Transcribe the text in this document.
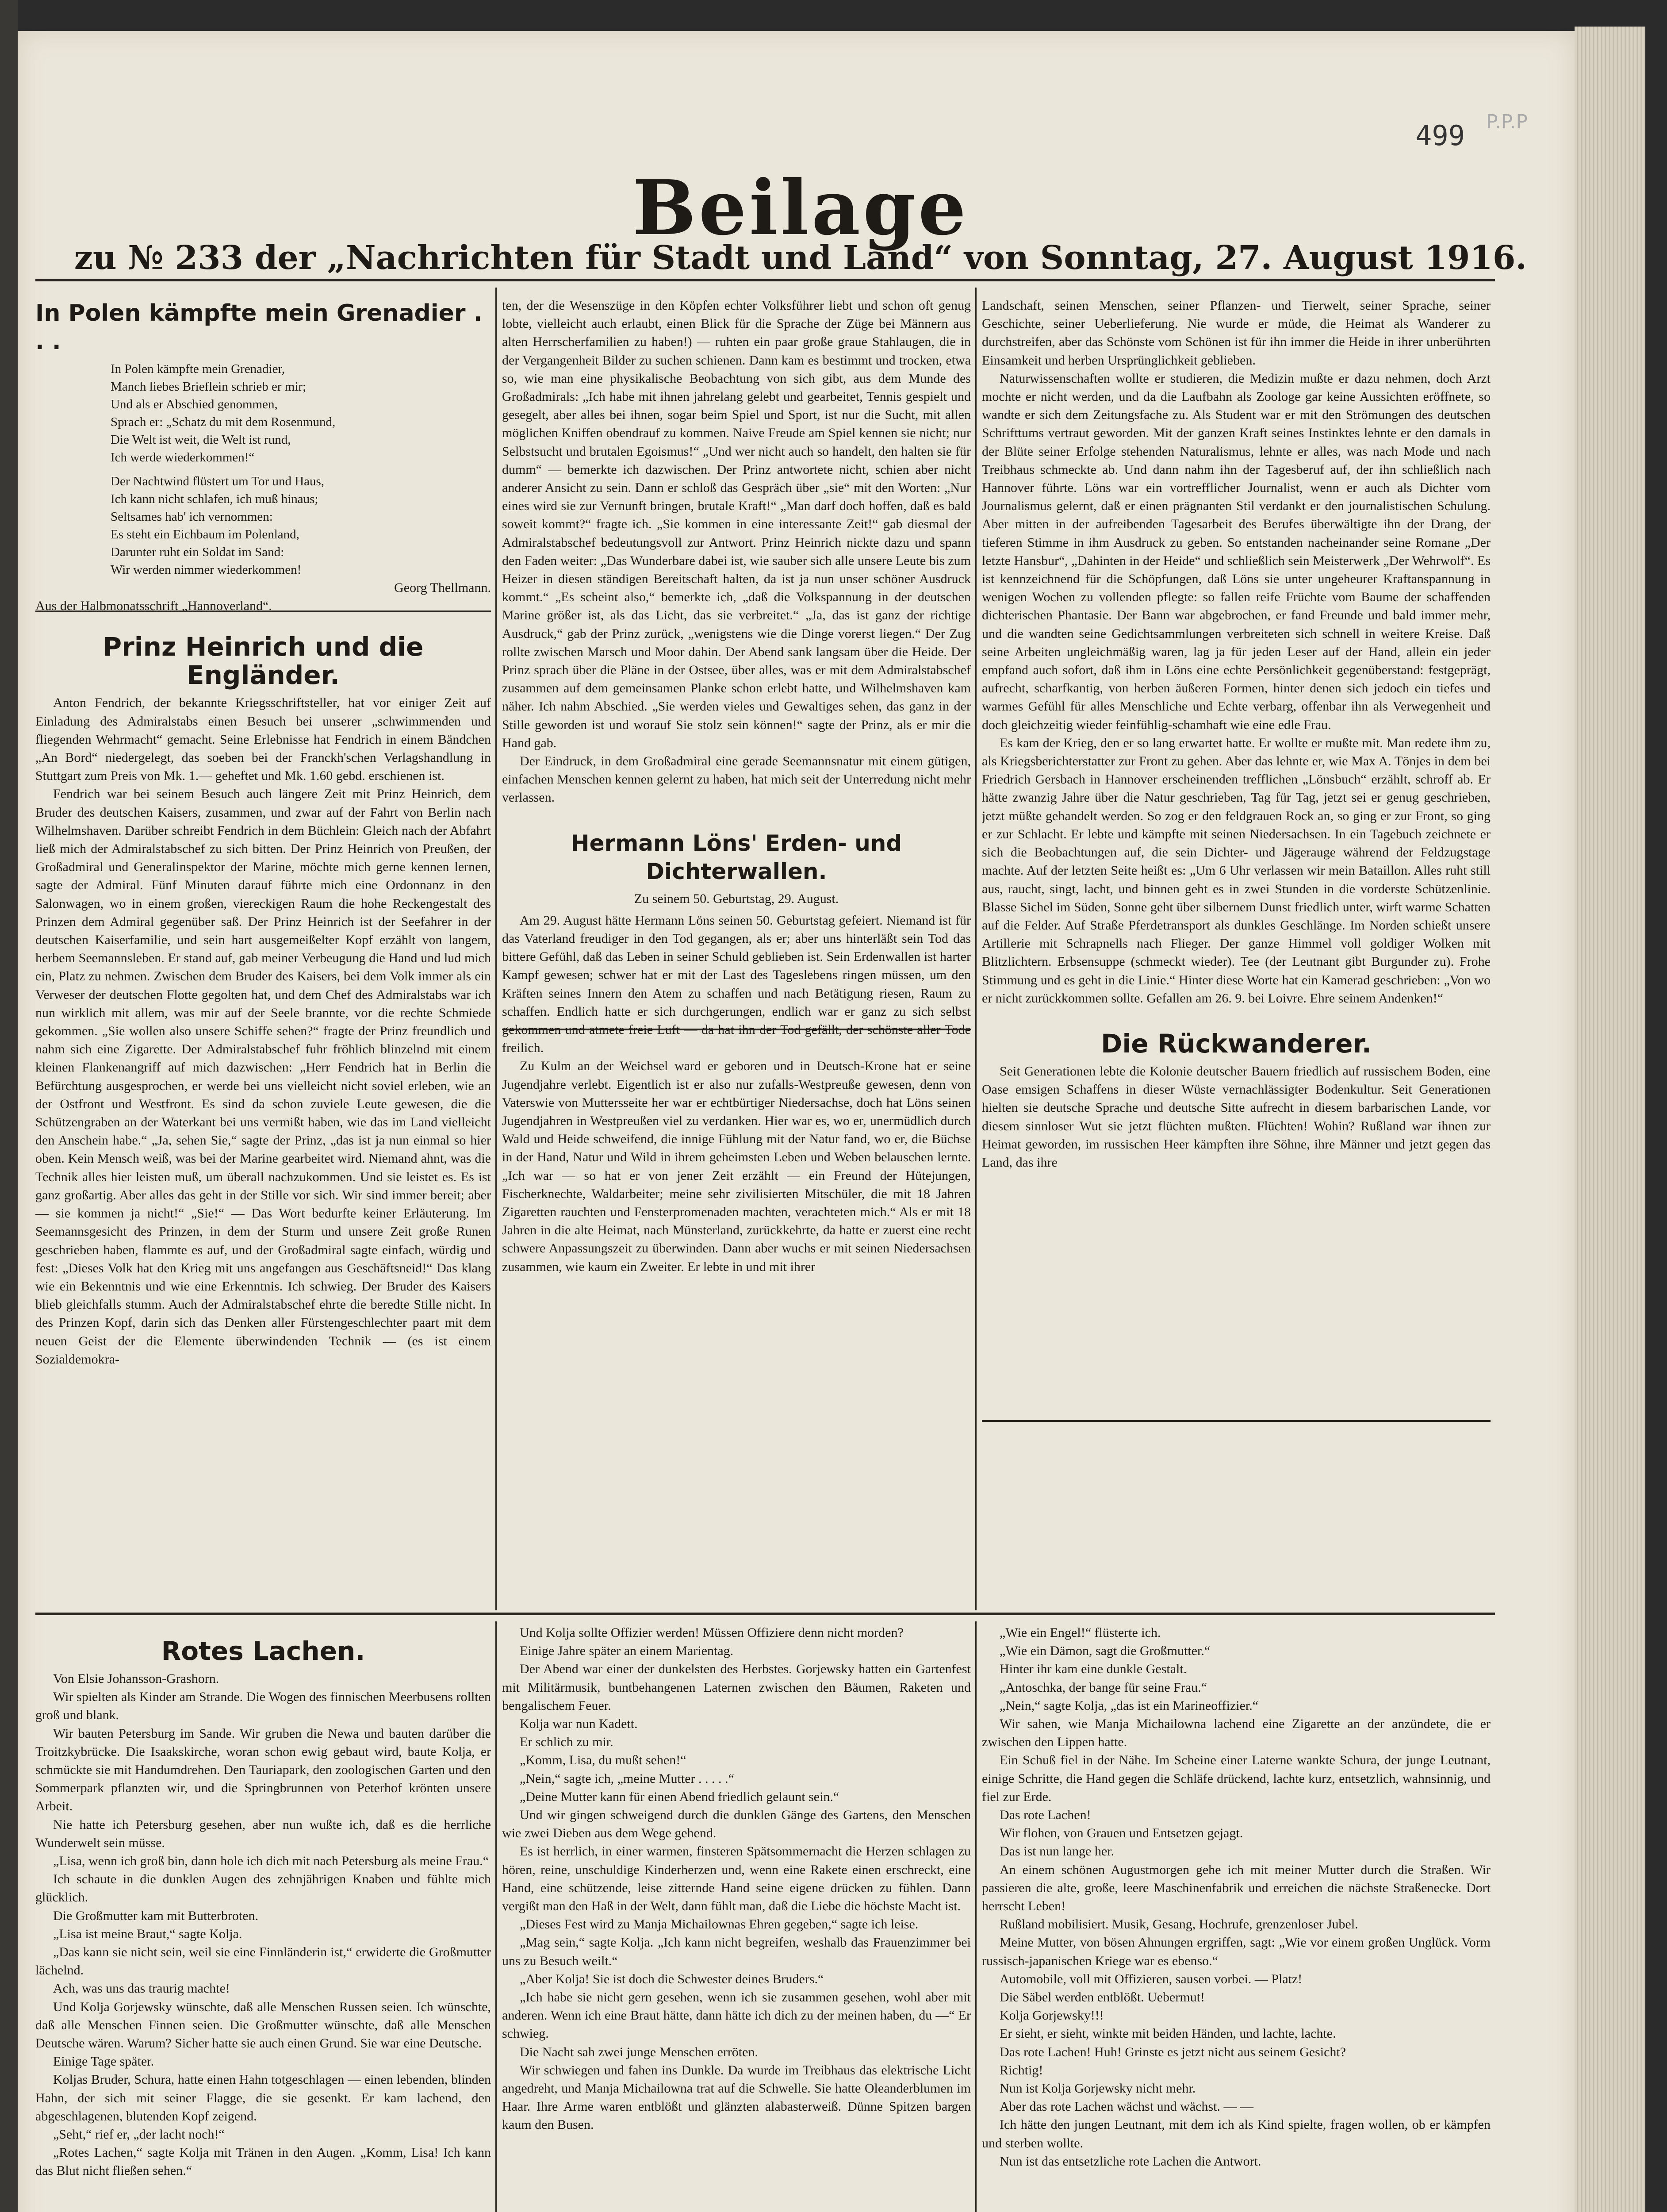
499 P.P.P
Beilage
zu № 233 der „Nachrichten für Stadt und Land“ von Sonntag, 27. August 1916.
In Polen kämpfte mein Grenadier . . .

In Polen kämpfte mein Grenadier,
Manch liebes Brieflein schrieb er mir;
Und als er Abschied genommen,
Sprach er: „Schatz du mit dem Rosenmund,
Die Welt ist weit, die Welt ist rund,
Ich werde wiederkommen!“

Der Nachtwind flüstert um Tor und Haus,
Ich kann nicht schlafen, ich muß hinaus;
Seltsames hab' ich vernommen:
Es steht ein Eichbaum im Polenland,
Darunter ruht ein Soldat im Sand:
Wir werden nimmer wiederkommen!

Georg Thellmann.

Aus der Halbmonatsschrift „Hannoverland“.

Prinz Heinrich und die Engländer.

Anton Fendrich, der bekannte Kriegsschriftsteller, hat vor einiger Zeit auf Einladung des Admiralstabs einen Besuch bei unserer „schwimmenden und fliegenden Wehrmacht“ gemacht. Seine Erlebnisse hat Fendrich in einem Bändchen „An Bord“ niedergelegt, das soeben bei der Franckh'schen Verlagshandlung in Stuttgart zum Preis von Mk. 1.— geheftet und Mk. 1.60 gebd. erschienen ist.

Fendrich war bei seinem Besuch auch längere Zeit mit Prinz Heinrich, dem Bruder des deutschen Kaisers, zusammen, und zwar auf der Fahrt von Berlin nach Wilhelmshaven. Darüber schreibt Fendrich in dem Büchlein: Gleich nach der Abfahrt ließ mich der Admiralstabschef zu sich bitten. Der Prinz Heinrich von Preußen, der Großadmiral und Generalinspektor der Marine, möchte mich gerne kennen lernen, sagte der Admiral. Fünf Minuten darauf führte mich eine Ordonnanz in den Salonwagen, wo in einem großen, viereckigen Raum die hohe Reckengestalt des Prinzen dem Admiral gegenüber saß. Der Prinz Heinrich ist der Seefahrer in der deutschen Kaiserfamilie, und sein hart ausgemeißelter Kopf erzählt von langem, herbem Seemannsleben. Er stand auf, gab meiner Verbeugung die Hand und lud mich ein, Platz zu nehmen. Zwischen dem Bruder des Kaisers, bei dem Volk immer als ein Verweser der deutschen Flotte gegolten hat, und dem Chef des Admiralstabs war ich nun wirklich mit allem, was mir auf der Seele brannte, vor die rechte Schmiede gekommen. „Sie wollen also unsere Schiffe sehen?“ fragte der Prinz freundlich und nahm sich eine Zigarette. Der Admiralstabschef fuhr fröhlich blinzelnd mit einem kleinen Flankenangriff auf mich dazwischen: „Herr Fendrich hat in Berlin die Befürchtung ausgesprochen, er werde bei uns vielleicht nicht soviel erleben, wie an der Ostfront und Westfront. Es sind da schon zuviele Leute gewesen, die die Schützengraben an der Waterkant bei uns vermißt haben, wie das im Land vielleicht den Anschein habe.“ „Ja, sehen Sie,“ sagte der Prinz, „das ist ja nun einmal so hier oben. Kein Mensch weiß, was bei der Marine gearbeitet wird. Niemand ahnt, was die Technik alles hier leisten muß, um überall nachzukommen. Und sie leistet es. Es ist ganz großartig. Aber alles das geht in der Stille vor sich. Wir sind immer bereit; aber — sie kommen ja nicht!“ „Sie!“ — Das Wort bedurfte keiner Erläuterung. Im Seemannsgesicht des Prinzen, in dem der Sturm und unsere Zeit große Runen geschrieben haben, flammte es auf, und der Großadmiral sagte einfach, würdig und fest: „Dieses Volk hat den Krieg mit uns angefangen aus Geschäftsneid!“ Das klang wie ein Bekenntnis und wie eine Erkenntnis. Ich schwieg. Der Bruder des Kaisers blieb gleichfalls stumm. Auch der Admiralstabschef ehrte die beredte Stille nicht. In des Prinzen Kopf, darin sich das Denken aller Fürstengeschlechter paart mit dem neuen Geist der die Elemente überwindenden Technik — (es ist einem Sozialdemokra-

ten, der die Wesenszüge in den Köpfen echter Volksführer liebt und schon oft genug lobte, vielleicht auch erlaubt, einen Blick für die Sprache der Züge bei Männern aus alten Herrscherfamilien zu haben!) — ruhten ein paar große graue Stahlaugen, die in der Vergangenheit Bilder zu suchen schienen. Dann kam es bestimmt und trocken, etwa so, wie man eine physikalische Beobachtung von sich gibt, aus dem Munde des Großadmirals: „Ich habe mit ihnen jahrelang gelebt und gearbeitet, Tennis gespielt und gesegelt, aber alles bei ihnen, sogar beim Spiel und Sport, ist nur die Sucht, mit allen möglichen Kniffen obendrauf zu kommen. Naive Freude am Spiel kennen sie nicht; nur Selbstsucht und brutalen Egoismus!“ „Und wer nicht auch so handelt, den halten sie für dumm“ — bemerkte ich dazwischen. Der Prinz antwortete nicht, schien aber nicht anderer Ansicht zu sein. Dann er schloß das Gespräch über „sie“ mit den Worten: „Nur eines wird sie zur Vernunft bringen, brutale Kraft!“ „Man darf doch hoffen, daß es bald soweit kommt?“ fragte ich. „Sie kommen in eine interessante Zeit!“ gab diesmal der Admiralstabschef bedeutungsvoll zur Antwort. Prinz Heinrich nickte dazu und spann den Faden weiter: „Das Wunderbare dabei ist, wie sauber sich alle unsere Leute bis zum Heizer in diesen ständigen Bereitschaft halten, da ist ja nun unser schöner Ausdruck kommt.“ „Es scheint also,“ bemerkte ich, „daß die Volkspannung in der deutschen Marine größer ist, als das Licht, das sie verbreitet.“ „Ja, das ist ganz der richtige Ausdruck,“ gab der Prinz zurück, „wenigstens wie die Dinge vorerst liegen.“ Der Zug rollte zwischen Marsch und Moor dahin. Der Abend sank langsam über die Heide. Der Prinz sprach über die Pläne in der Ostsee, über alles, was er mit dem Admiralstabschef zusammen auf dem gemeinsamen Planke schon erlebt hatte, und Wilhelmshaven kam näher. Ich nahm Abschied. „Sie werden vieles und Gewaltiges sehen, das ganz in der Stille geworden ist und worauf Sie stolz sein können!“ sagte der Prinz, als er mir die Hand gab.

Der Eindruck, in dem Großadmiral eine gerade Seemannsnatur mit einem gütigen, einfachen Menschen kennen gelernt zu haben, hat mich seit der Unterredung nicht mehr verlassen.

Hermann Löns' Erden- und Dichterwallen.
Zu seinem 50. Geburtstag, 29. August.

Am 29. August hätte Hermann Löns seinen 50. Geburtstag gefeiert. Niemand ist für das Vaterland freudiger in den Tod gegangen, als er; aber uns hinterläßt sein Tod das bittere Gefühl, daß das Leben in seiner Schuld geblieben ist. Sein Erdenwallen ist harter Kampf gewesen; schwer hat er mit der Last des Tageslebens ringen müssen, um den Kräften seines Innern den Atem zu schaffen und nach Betätigung riesen, Raum zu schaffen. Endlich hatte er sich durchgerungen, endlich war er ganz zu sich selbst gekommen und atmete freie Luft — da hat ihn der Tod gefällt, der schönste aller Tode freilich.

Zu Kulm an der Weichsel ward er geboren und in Deutsch-Krone hat er seine Jugendjahre verlebt. Eigentlich ist er also nur zufalls-Westpreuße gewesen, denn von Vaterswie von Muttersseite her war er echtbürtiger Niedersachse, doch hat Löns seinen Jugendjahren in Westpreußen viel zu verdanken. Hier war es, wo er, unermüdlich durch Wald und Heide schweifend, die innige Fühlung mit der Natur fand, wo er, die Büchse in der Hand, Natur und Wild in ihrem geheimsten Leben und Weben belauschen lernte. „Ich war — so hat er von jener Zeit erzählt — ein Freund der Hütejungen, Fischerknechte, Waldarbeiter; meine sehr zivilisierten Mitschüler, die mit 18 Jahren Zigaretten rauchten und Fensterpromenaden machten, verachteten mich.“ Als er mit 18 Jahren in die alte Heimat, nach Münsterland, zurückkehrte, da hatte er zuerst eine recht schwere Anpassungszeit zu überwinden. Dann aber wuchs er mit seinen Niedersachsen zusammen, wie kaum ein Zweiter. Er lebte in und mit ihrer

Landschaft, seinen Menschen, seiner Pflanzen- und Tierwelt, seiner Sprache, seiner Geschichte, seiner Ueberlieferung. Nie wurde er müde, die Heimat als Wanderer zu durchstreifen, aber das Schönste vom Schönen ist für ihn immer die Heide in ihrer unberührten Einsamkeit und herben Ursprünglichkeit geblieben.

Naturwissenschaften wollte er studieren, die Medizin mußte er dazu nehmen, doch Arzt mochte er nicht werden, und da die Laufbahn als Zoologe gar keine Aussichten eröffnete, so wandte er sich dem Zeitungsfache zu. Als Student war er mit den Strömungen des deutschen Schrifttums vertraut geworden. Mit der ganzen Kraft seines Instinktes lehnte er den damals in der Blüte seiner Erfolge stehenden Naturalismus, lehnte er alles, was nach Mode und nach Treibhaus schmeckte ab. Und dann nahm ihn der Tagesberuf auf, der ihn schließlich nach Hannover führte. Löns war ein vortrefflicher Journalist, wenn er auch als Dichter vom Journalismus gelernt, daß er einen prägnanten Stil verdankt er den journalistischen Schulung. Aber mitten in der aufreibenden Tagesarbeit des Berufes überwältigte ihn der Drang, der tieferen Stimme in ihm Ausdruck zu geben. So entstanden nacheinander seine Romane „Der letzte Hansbur“, „Dahinten in der Heide“ und schließlich sein Meisterwerk „Der Wehrwolf“. Es ist kennzeichnend für die Schöpfungen, daß Löns sie unter ungeheurer Kraftanspannung in wenigen Wochen zu vollenden pflegte: so fallen reife Früchte vom Baume der schaffenden dichterischen Phantasie. Der Bann war abgebrochen, er fand Freunde und bald immer mehr, und die wandten seine Gedichtsammlungen verbreiteten sich schnell in weitere Kreise. Daß seine Arbeiten ungleichmäßig waren, lag ja für jeden Leser auf der Hand, allein ein jeder empfand auch sofort, daß ihm in Löns eine echte Persönlichkeit gegenüberstand: festgeprägt, aufrecht, scharfkantig, von herben äußeren Formen, hinter denen sich jedoch ein tiefes und warmes Gefühl für alles Menschliche und Echte verbarg, offenbar ihn als Verwegenheit und doch gleichzeitig wieder feinfühlig-schamhaft wie eine edle Frau.

Es kam der Krieg, den er so lang erwartet hatte. Er wollte er mußte mit. Man redete ihm zu, als Kriegsberichterstatter zur Front zu gehen. Aber das lehnte er, wie Max A. Tönjes in dem bei Friedrich Gersbach in Hannover erscheinenden trefflichen „Lönsbuch“ erzählt, schroff ab. Er hätte zwanzig Jahre über die Natur geschrieben, Tag für Tag, jetzt sei er genug geschrieben, jetzt müßte gehandelt werden. So zog er den feldgrauen Rock an, so ging er zur Front, so ging er zur Schlacht. Er lebte und kämpfte mit seinen Niedersachsen. In ein Tagebuch zeichnete er sich die Beobachtungen auf, die sein Dichter- und Jägerauge während der Feldzugstage machte. Auf der letzten Seite heißt es: „Um 6 Uhr verlassen wir mein Bataillon. Alles ruht still aus, raucht, singt, lacht, und binnen geht es in zwei Stunden in die vorderste Schützenlinie. Blasse Sichel im Süden, Sonne geht über silbernem Dunst friedlich unter, wirft warme Schatten auf die Felder. Auf Straße Pferdetransport als dunkles Geschlänge. Im Norden schießt unsere Artillerie mit Schrapnells nach Flieger. Der ganze Himmel voll goldiger Wolken mit Blitzlichtern. Erbsensuppe (schmeckt wieder). Tee (der Leutnant gibt Burgunder zu). Frohe Stimmung und es geht in die Linie.“ Hinter diese Worte hat ein Kamerad geschrieben: „Von wo er nicht zurückkommen sollte. Gefallen am 26. 9. bei Loivre. Ehre seinem Andenken!“

Die Rückwanderer.

Seit Generationen lebte die Kolonie deutscher Bauern friedlich auf russischem Boden, eine Oase emsigen Schaffens in dieser Wüste vernachlässigter Bodenkultur. Seit Generationen hielten sie deutsche Sprache und deutsche Sitte aufrecht in diesem barbarischen Lande, vor diesem sinnloser Wut sie jetzt flüchten mußten. Flüchten! Wohin? Rußland war ihnen zur Heimat geworden, im russischen Heer kämpften ihre Söhne, ihre Männer und jetzt gegen das Land, das ihre

Rotes Lachen.

Von Elsie Johansson-Grashorn.

Wir spielten als Kinder am Strande. Die Wogen des finnischen Meerbusens rollten groß und blank.

Wir bauten Petersburg im Sande. Wir gruben die Newa und bauten darüber die Troitzkybrücke. Die Isaakskirche, woran schon ewig gebaut wird, baute Kolja, er schmückte sie mit Handumdrehen. Den Tauriapark, den zoologischen Garten und den Sommerpark pflanzten wir, und die Springbrunnen von Peterhof krönten unsere Arbeit.

Nie hatte ich Petersburg gesehen, aber nun wußte ich, daß es die herrliche Wunderwelt sein müsse.

„Lisa, wenn ich groß bin, dann hole ich dich mit nach Petersburg als meine Frau.“

Ich schaute in die dunklen Augen des zehnjährigen Knaben und fühlte mich glücklich.

Die Großmutter kam mit Butterbroten.

„Lisa ist meine Braut,“ sagte Kolja.

„Das kann sie nicht sein, weil sie eine Finnländerin ist,“ erwiderte die Großmutter lächelnd.

Ach, was uns das traurig machte!

Und Kolja Gorjewsky wünschte, daß alle Menschen Russen seien. Ich wünschte, daß alle Menschen Finnen seien. Die Großmutter wünschte, daß alle Menschen Deutsche wären. Warum? Sicher hatte sie auch einen Grund. Sie war eine Deutsche.

Einige Tage später.

Koljas Bruder, Schura, hatte einen Hahn totgeschlagen — einen lebenden, blinden Hahn, der sich mit seiner Flagge, die sie gesenkt. Er kam lachend, den abgeschlagenen, blutenden Kopf zeigend.

„Seht,“ rief er, „der lacht noch!“

„Rotes Lachen,“ sagte Kolja mit Tränen in den Augen. „Komm, Lisa! Ich kann das Blut nicht fließen sehen.“

Und Kolja sollte Offizier werden! Müssen Offiziere denn nicht morden?

Einige Jahre später an einem Marientag.

Der Abend war einer der dunkelsten des Herbstes. Gorjewsky hatten ein Gartenfest mit Militärmusik, buntbehangenen Laternen zwischen den Bäumen, Raketen und bengalischem Feuer.

Kolja war nun Kadett.

Er schlich zu mir.

„Komm, Lisa, du mußt sehen!“

„Nein,“ sagte ich, „meine Mutter . . . . .“

„Deine Mutter kann für einen Abend friedlich gelaunt sein.“

Und wir gingen schweigend durch die dunklen Gänge des Gartens, den Menschen wie zwei Dieben aus dem Wege gehend.

Es ist herrlich, in einer warmen, finsteren Spätsommernacht die Herzen schlagen zu hören, reine, unschuldige Kinderherzen und, wenn eine Rakete einen erschreckt, eine Hand, eine schützende, leise zitternde Hand seine eigene drücken zu fühlen. Dann vergißt man den Haß in der Welt, dann fühlt man, daß die Liebe die höchste Macht ist.

„Dieses Fest wird zu Manja Michailownas Ehren gegeben,“ sagte ich leise.

„Mag sein,“ sagte Kolja. „Ich kann nicht begreifen, weshalb das Frauenzimmer bei uns zu Besuch weilt.“

„Aber Kolja! Sie ist doch die Schwester deines Bruders.“

„Ich habe sie nicht gern gesehen, wenn ich sie zusammen gesehen, wohl aber mit anderen. Wenn ich eine Braut hätte, dann hätte ich dich zu der meinen haben, du —“ Er schwieg.

Die Nacht sah zwei junge Menschen erröten.

Wir schwiegen und fahen ins Dunkle. Da wurde im Treibhaus das elektrische Licht angedreht, und Manja Michailowna trat auf die Schwelle. Sie hatte Oleanderblumen im Haar. Ihre Arme waren entblößt und glänzten alabasterweiß. Dünne Spitzen bargen kaum den Busen.

„Wie ein Engel!“ flüsterte ich.

„Wie ein Dämon, sagt die Großmutter.“

Hinter ihr kam eine dunkle Gestalt.

„Antoschka, der bange für seine Frau.“

„Nein,“ sagte Kolja, „das ist ein Marineoffizier.“

Wir sahen, wie Manja Michailowna lachend eine Zigarette an der anzündete, die er zwischen den Lippen hatte.

Ein Schuß fiel in der Nähe. Im Scheine einer Laterne wankte Schura, der junge Leutnant, einige Schritte, die Hand gegen die Schläfe drückend, lachte kurz, entsetzlich, wahnsinnig, und fiel zur Erde.

Das rote Lachen!

Wir flohen, von Grauen und Entsetzen gejagt.

Das ist nun lange her.

An einem schönen Augustmorgen gehe ich mit meiner Mutter durch die Straßen. Wir passieren die alte, große, leere Maschinenfabrik und erreichen die nächste Straßenecke. Dort herrscht Leben!

Rußland mobilisiert. Musik, Gesang, Hochrufe, grenzenloser Jubel.

Meine Mutter, von bösen Ahnungen ergriffen, sagt: „Wie vor einem großen Unglück. Vorm russisch-japanischen Kriege war es ebenso.“

Automobile, voll mit Offizieren, sausen vorbei. — Platz!

Die Säbel werden entblößt. Uebermut!

Kolja Gorjewsky!!!

Er sieht, er sieht, winkte mit beiden Händen, und lachte, lachte.

Das rote Lachen! Huh! Grinste es jetzt nicht aus seinem Gesicht?

Richtig!

Nun ist Kolja Gorjewsky nicht mehr.

Aber das rote Lachen wächst und wächst. — —

Ich hätte den jungen Leutnant, mit dem ich als Kind spielte, fragen wollen, ob er kämpfen und sterben wollte.

Nun ist das entsetzliche rote Lachen die Antwort.
